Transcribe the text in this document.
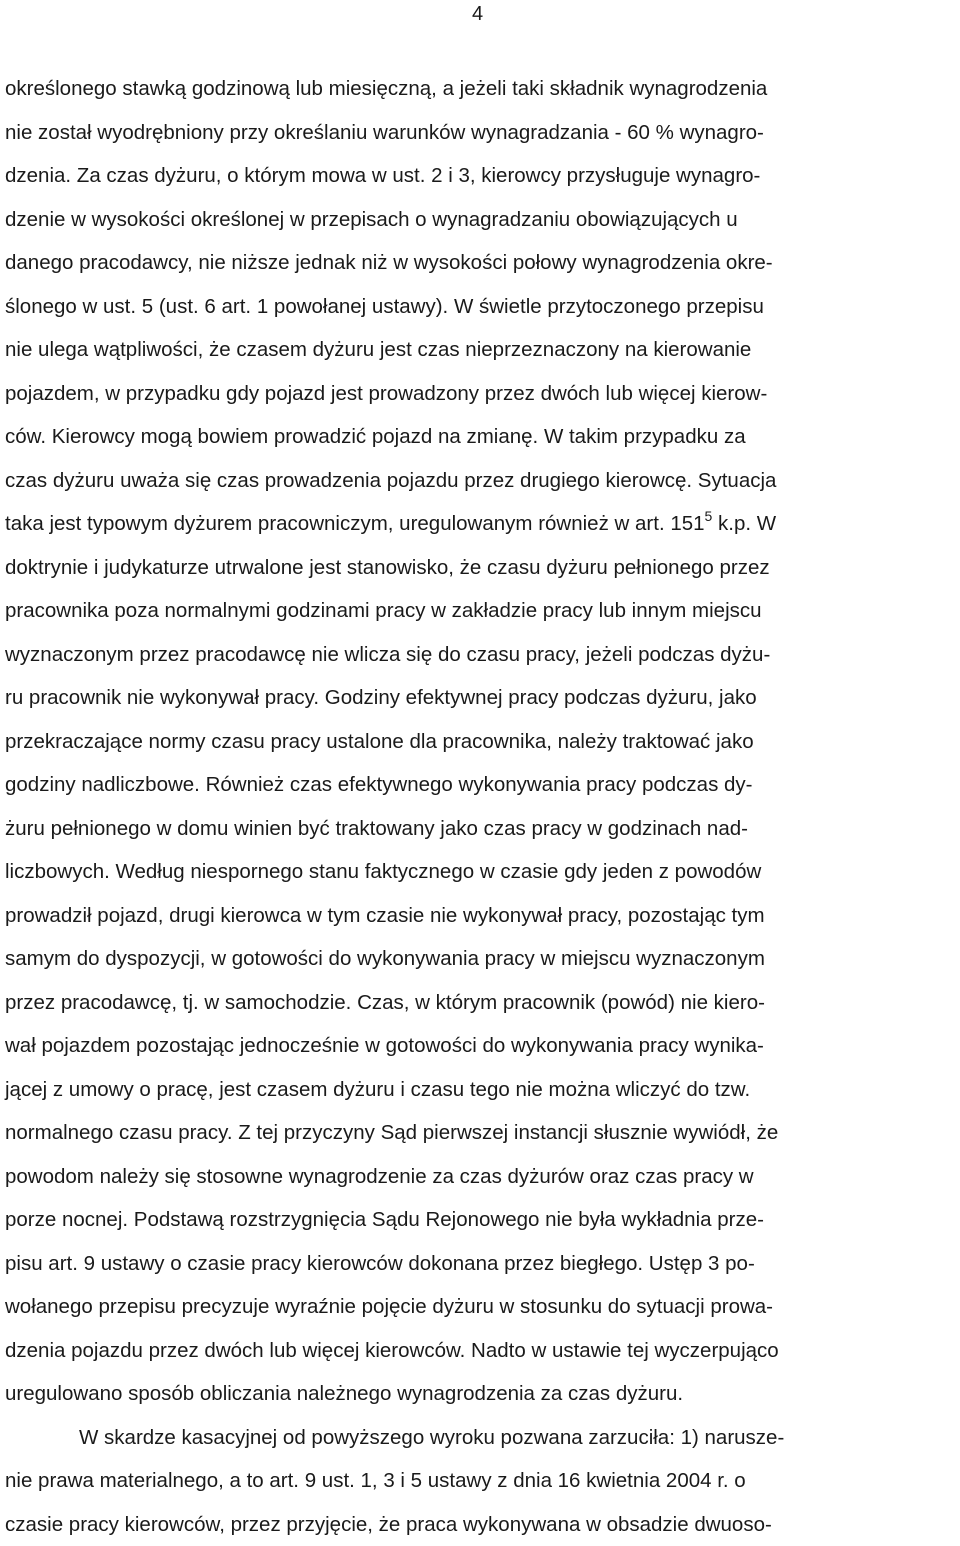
4
określonego stawką godzinową lub miesięczną, a jeżeli taki składnik wynagrodzenia
nie został wyodrębniony przy określaniu warunków wynagradzania - 60 % wynagro-
dzenia. Za czas dyżuru, o którym mowa w ust. 2 i 3, kierowcy przysługuje wynagro-
dzenie w wysokości określonej w przepisach o wynagradzaniu obowiązujących u
danego pracodawcy, nie niższe jednak niż w wysokości połowy wynagrodzenia okre-
ślonego w ust. 5 (ust. 6 art. 1 powołanej ustawy). W świetle przytoczonego przepisu
nie ulega wątpliwości, że czasem dyżuru jest czas nieprzeznaczony na kierowanie
pojazdem, w przypadku gdy pojazd jest prowadzony przez dwóch lub więcej kierow-
ców. Kierowcy mogą bowiem prowadzić pojazd na zmianę. W takim przypadku za
czas dyżuru uważa się czas prowadzenia pojazdu przez drugiego kierowcę. Sytuacja
taka jest typowym dyżurem pracowniczym, uregulowanym również w art. $151^5$ k.p. W
doktrynie i judykaturze utrwalone jest stanowisko, że czasu dyżuru pełnionego przez
pracownika poza normalnymi godzinami pracy w zakładzie pracy lub innym miejscu
wyznaczonym przez pracodawcę nie wlicza się do czasu pracy, jeżeli podczas dyżu-
ru pracownik nie wykonywał pracy. Godziny efektywnej pracy podczas dyżuru, jako
przekraczające normy czasu pracy ustalone dla pracownika, należy traktować jako
godziny nadliczbowe. Również czas efektywnego wykonywania pracy podczas dy-
żuru pełnionego w domu winien być traktowany jako czas pracy w godzinach nad-
liczbowych. Według niespornego stanu faktycznego w czasie gdy jeden z powodów
prowadził pojazd, drugi kierowca w tym czasie nie wykonywał pracy, pozostając tym
samym do dyspozycji, w gotowości do wykonywania pracy w miejscu wyznaczonym
przez pracodawcę, tj. w samochodzie. Czas, w którym pracownik (powód) nie kiero-
wał pojazdem pozostając jednocześnie w gotowości do wykonywania pracy wynika-
jącej z umowy o pracę, jest czasem dyżuru i czasu tego nie można wliczyć do tzw.
normalnego czasu pracy. Z tej przyczyny Sąd pierwszej instancji słusznie wywiódł, że
powodom należy się stosowne wynagrodzenie za czas dyżurów oraz czas pracy w
porze nocnej. Podstawą rozstrzygnięcia Sądu Rejonowego nie była wykładnia prze-
pisu art. 9 ustawy o czasie pracy kierowców dokonana przez biegłego. Ustęp 3 po-
wołanego przepisu precyzuje wyraźnie pojęcie dyżuru w stosunku do sytuacji prowa-
dzenia pojazdu przez dwóch lub więcej kierowców. Nadto w ustawie tej wyczerpująco
uregulowano sposób obliczania należnego wynagrodzenia za czas dyżuru.
W skardze kasacyjnej od powyższego wyroku pozwana zarzuciła: 1) narusze-
nie prawa materialnego, a to art. 9 ust. 1, 3 i 5 ustawy z dnia 16 kwietnia 2004 r. o
czasie pracy kierowców, przez przyjęcie, że praca wykonywana w obsadzie dwuoso-
